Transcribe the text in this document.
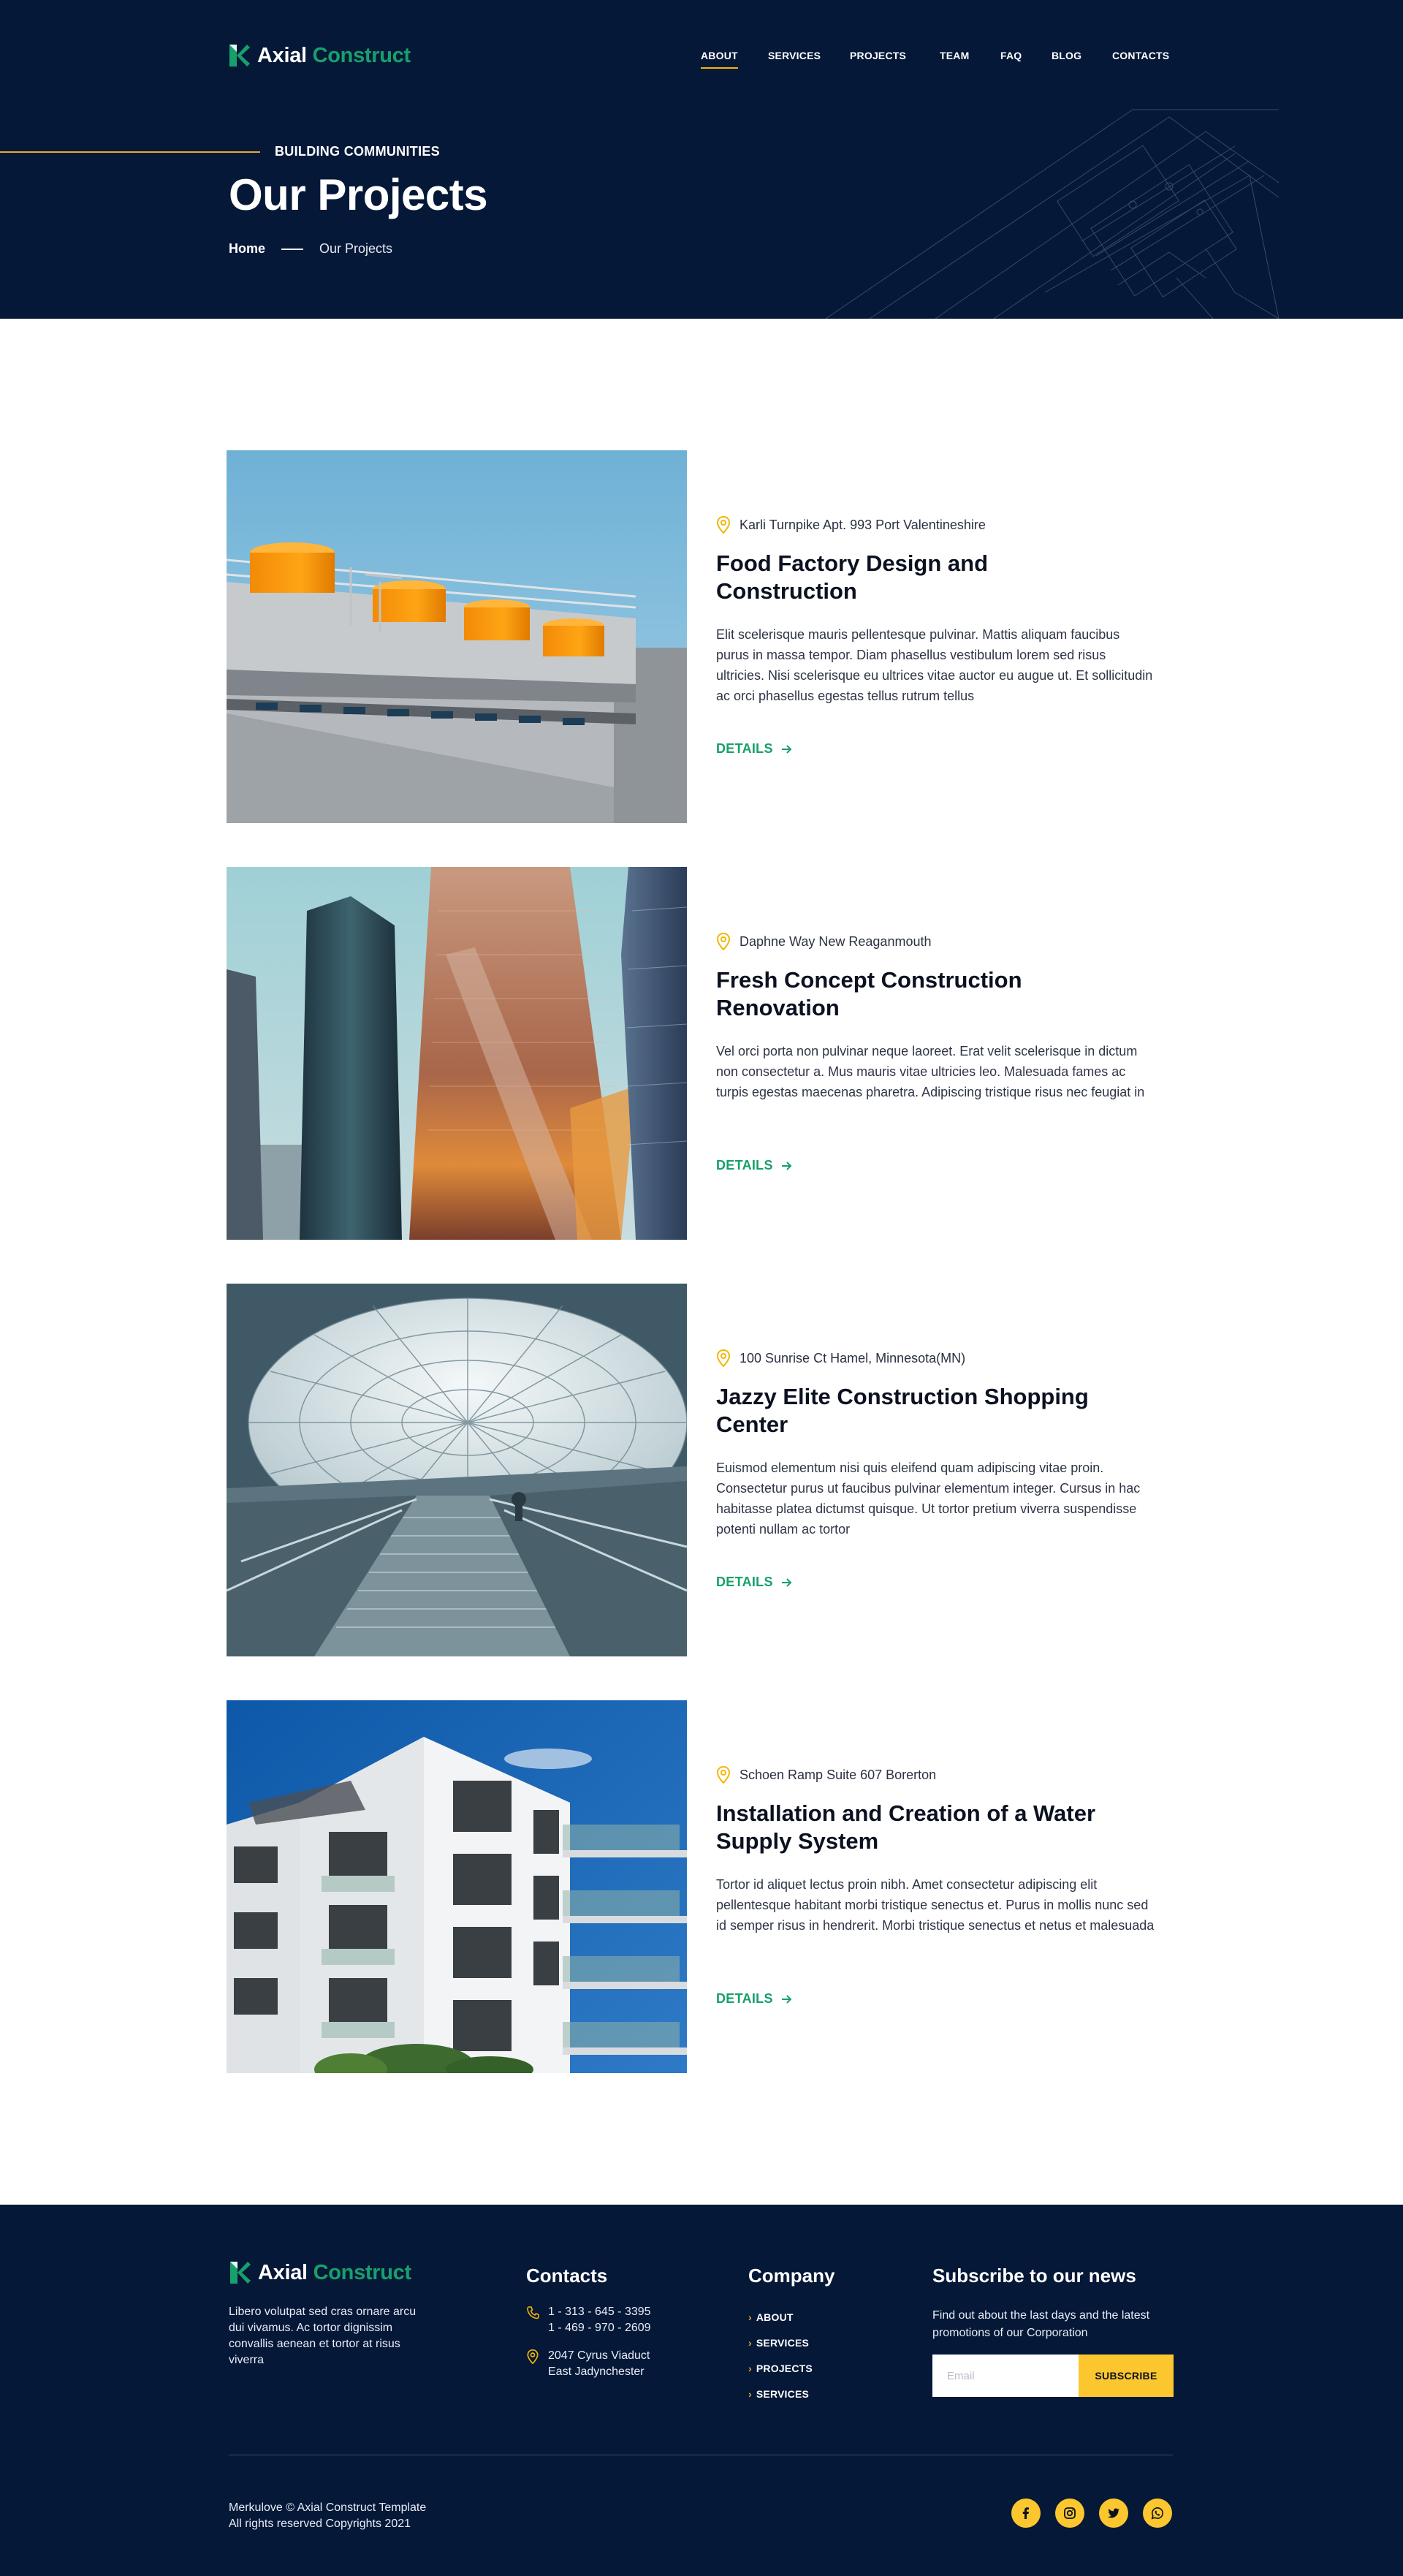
Axial Construct	ABOUT	SERVICES	PROJECTS	TEAM	FAQ	BLOG	CONTACTS
BUILDING COMMUNITIES
Our Projects
Home	Our Projects
Karli Turnpike Apt. 993 Port Valentineshire
Food Factory Design and Construction

Elit scelerisque mauris pellentesque pulvinar. Mattis aliquam faucibus purus in massa tempor. Diam phasellus vestibulum lorem sed risus ultricies. Nisi scelerisque eu ultrices vitae auctor eu augue ut. Et sollicitudin ac orci phasellus egestas tellus rutrum tellus

DETAILS
Daphne Way New Reaganmouth
Fresh Concept Construction Renovation

Vel orci porta non pulvinar neque laoreet. Erat velit scelerisque in dictum non consectetur a. Mus mauris vitae ultricies leo. Malesuada fames ac turpis egestas maecenas pharetra. Adipiscing tristique risus nec feugiat in

DETAILS
100 Sunrise Ct Hamel, Minnesota(MN)
Jazzy Elite Construction Shopping Center

Euismod elementum nisi quis eleifend quam adipiscing vitae proin. Consectetur purus ut faucibus pulvinar elementum integer. Cursus in hac habitasse platea dictumst quisque. Ut tortor pretium viverra suspendisse potenti nullam ac tortor

DETAILS
Schoen Ramp Suite 607 Borerton
Installation and Creation of a Water Supply System

Tortor id aliquet lectus proin nibh. Amet consectetur adipiscing elit pellentesque habitant morbi tristique senectus et. Purus in mollis nunc sed id semper risus in hendrerit. Morbi tristique senectus et netus et malesuada

DETAILS
Axial Construct

Libero volutpat sed cras ornare arcu dui vivamus. Ac tortor dignissim convallis aenean et tortor at risus viverra

Contacts
1 - 313 - 645 - 3395
1 - 469 - 970 - 2609
2047 Cyrus Viaduct
East Jadynchester
Company
› ABOUT
› SERVICES
› PROJECTS
› SERVICES
Subscribe to our news

Find out about the last days and the latest promotions of our Corporation

Email
SUBSCRIBE
Merkulove © Axial Construct Template
All rights reserved Copyrights 2021
